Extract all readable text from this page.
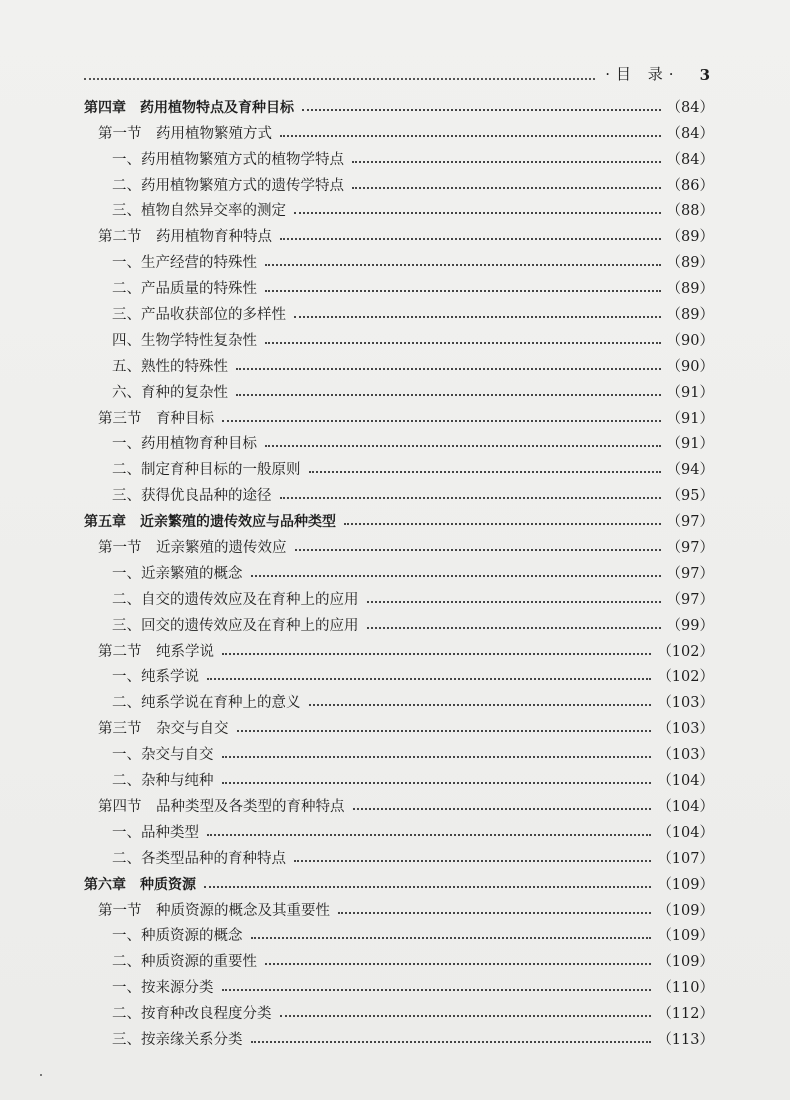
·目 录· 3
第四章　药用植物特点及育种目标	（84）
第一节　药用植物繁殖方式	（84）
一、药用植物繁殖方式的植物学特点	（84）
二、药用植物繁殖方式的遗传学特点	（86）
三、植物自然异交率的测定	（88）
第二节　药用植物育种特点	（89）
一、生产经营的特殊性	（89）
二、产品质量的特殊性	（89）
三、产品收获部位的多样性	（89）
四、生物学特性复杂性	（90）
五、熟性的特殊性	（90）
六、育种的复杂性	（91）
第三节　育种目标	（91）
一、药用植物育种目标	（91）
二、制定育种目标的一般原则	（94）
三、获得优良品种的途径	（95）
第五章　近亲繁殖的遗传效应与品种类型	（97）
第一节　近亲繁殖的遗传效应	（97）
一、近亲繁殖的概念	（97）
二、自交的遗传效应及在育种上的应用	（97）
三、回交的遗传效应及在育种上的应用	（99）
第二节　纯系学说	（102）
一、纯系学说	（102）
二、纯系学说在育种上的意义	（103）
第三节　杂交与自交	（103）
一、杂交与自交	（103）
二、杂种与纯种	（104）
第四节　品种类型及各类型的育种特点	（104）
一、品种类型	（104）
二、各类型品种的育种特点	（107）
第六章　种质资源	（109）
第一节　种质资源的概念及其重要性	（109）
一、种质资源的概念	（109）
二、种质资源的重要性	（109）
一、按来源分类	（110）
二、按育种改良程度分类	（112）
三、按亲缘关系分类	（113）
